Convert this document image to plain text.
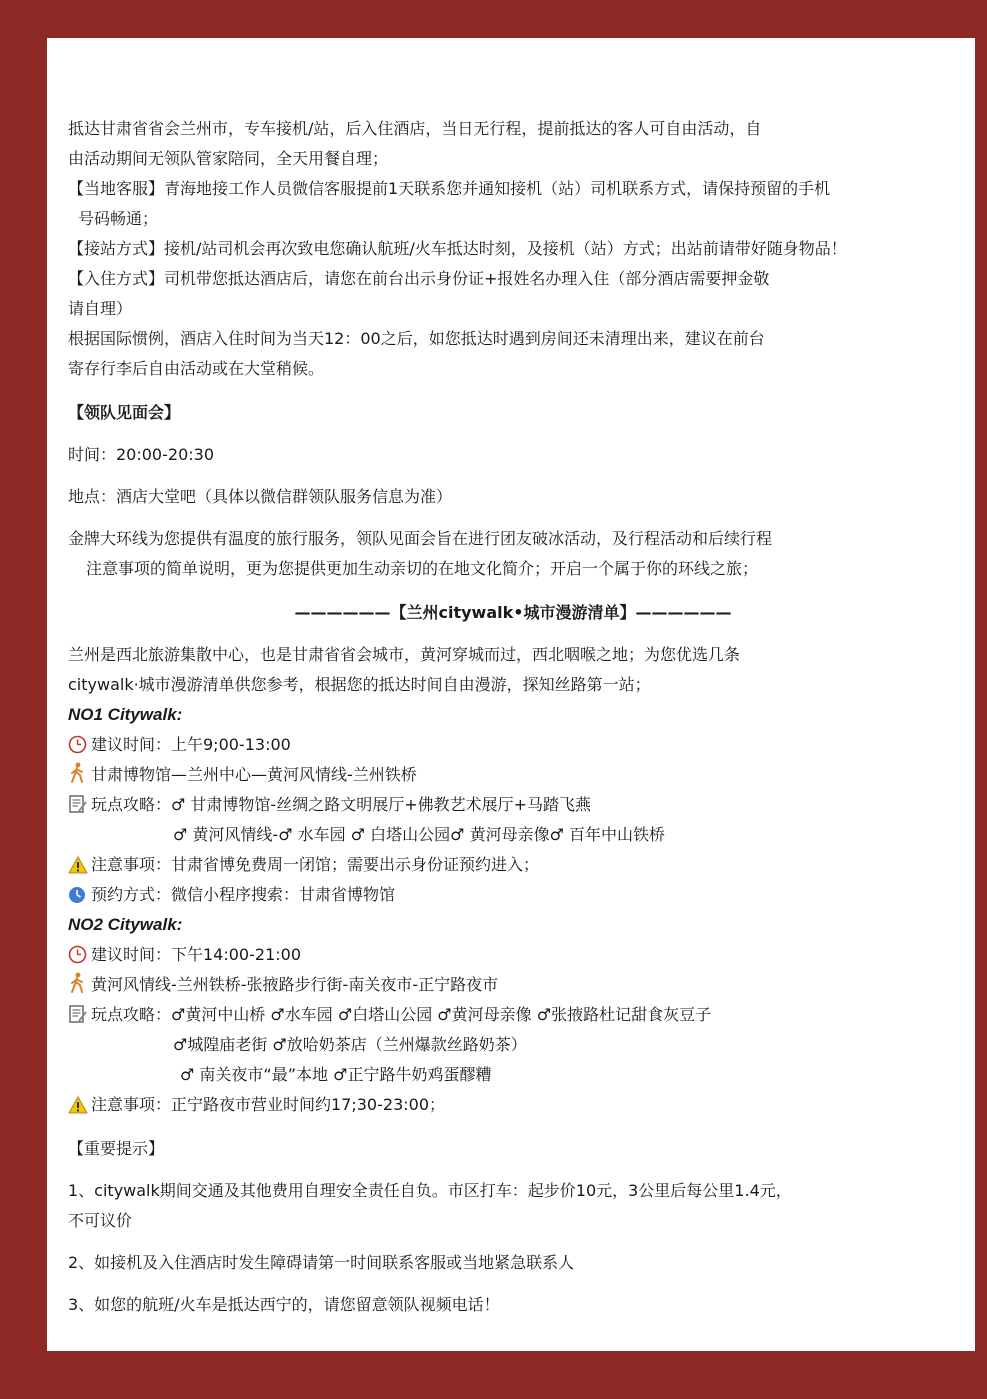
抵达甘肃省省会兰州市，专车接机/站，后入住酒店，当日无行程，提前抵达的客人可自由活动，自
由活动期间无领队管家陪同，全天用餐自理；
【当地客服】青海地接工作人员微信客服提前1天联系您并通知接机（站）司机联系方式，请保持预留的手机
号码畅通；
【接站方式】接机/站司机会再次致电您确认航班/火车抵达时刻，及接机（站）方式；出站前请带好随身物品！
【入住方式】司机带您抵达酒店后，请您在前台出示身份证+报姓名办理入住（部分酒店需要押金敬
请自理）
根据国际惯例，酒店入住时间为当天12：00之后，如您抵达时遇到房间还未清理出来，建议在前台
寄存行李后自由活动或在大堂稍候。
【领队见面会】
时间：20:00-20:30
地点：酒店大堂吧（具体以微信群领队服务信息为准）
金牌大环线为您提供有温度的旅行服务，领队见面会旨在进行团友破冰活动，及行程活动和后续行程
注意事项的简单说明，更为您提供更加生动亲切的在地文化简介；开启一个属于你的环线之旅；
——————【兰州citywalk•城市漫游清单】——————
兰州是西北旅游集散中心，也是甘肃省省会城市，黄河穿城而过，西北咽喉之地；为您优选几条
citywalk·城市漫游清单供您参考，根据您的抵达时间自由漫游，探知丝路第一站；
NO1 Citywalk:
建议时间：上午9;00-13:00
甘肃博物馆—兰州中心—黄河风情线-兰州铁桥
玩点攻略：♂ 甘肃博物馆-丝绸之路文明展厅+佛教艺术展厅+马踏飞燕
♂ 黄河风情线-♂ 水车园 ♂ 白塔山公园♂ 黄河母亲像♂ 百年中山铁桥
注意事项：甘肃省博免费周一闭馆；需要出示身份证预约进入；
预约方式：微信小程序搜索：甘肃省博物馆
NO2 Citywalk:
建议时间：下午14:00-21:00
黄河风情线-兰州铁桥-张掖路步行街-南关夜市-正宁路夜市
玩点攻略：♂黄河中山桥 ♂水车园 ♂白塔山公园 ♂黄河母亲像 ♂张掖路杜记甜食灰豆子
♂城隍庙老街 ♂放哈奶茶店（兰州爆款丝路奶茶）
♂ 南关夜市“最”本地 ♂正宁路牛奶鸡蛋醪糟
注意事项：正宁路夜市营业时间约17;30-23:00；
【重要提示】
1、citywalk期间交通及其他费用自理安全责任自负。市区打车：起步价10元，3公里后每公里1.4元，
不可议价
2、如接机及入住酒店时发生障碍请第一时间联系客服或当地紧急联系人
3、如您的航班/火车是抵达西宁的，请您留意领队视频电话！
